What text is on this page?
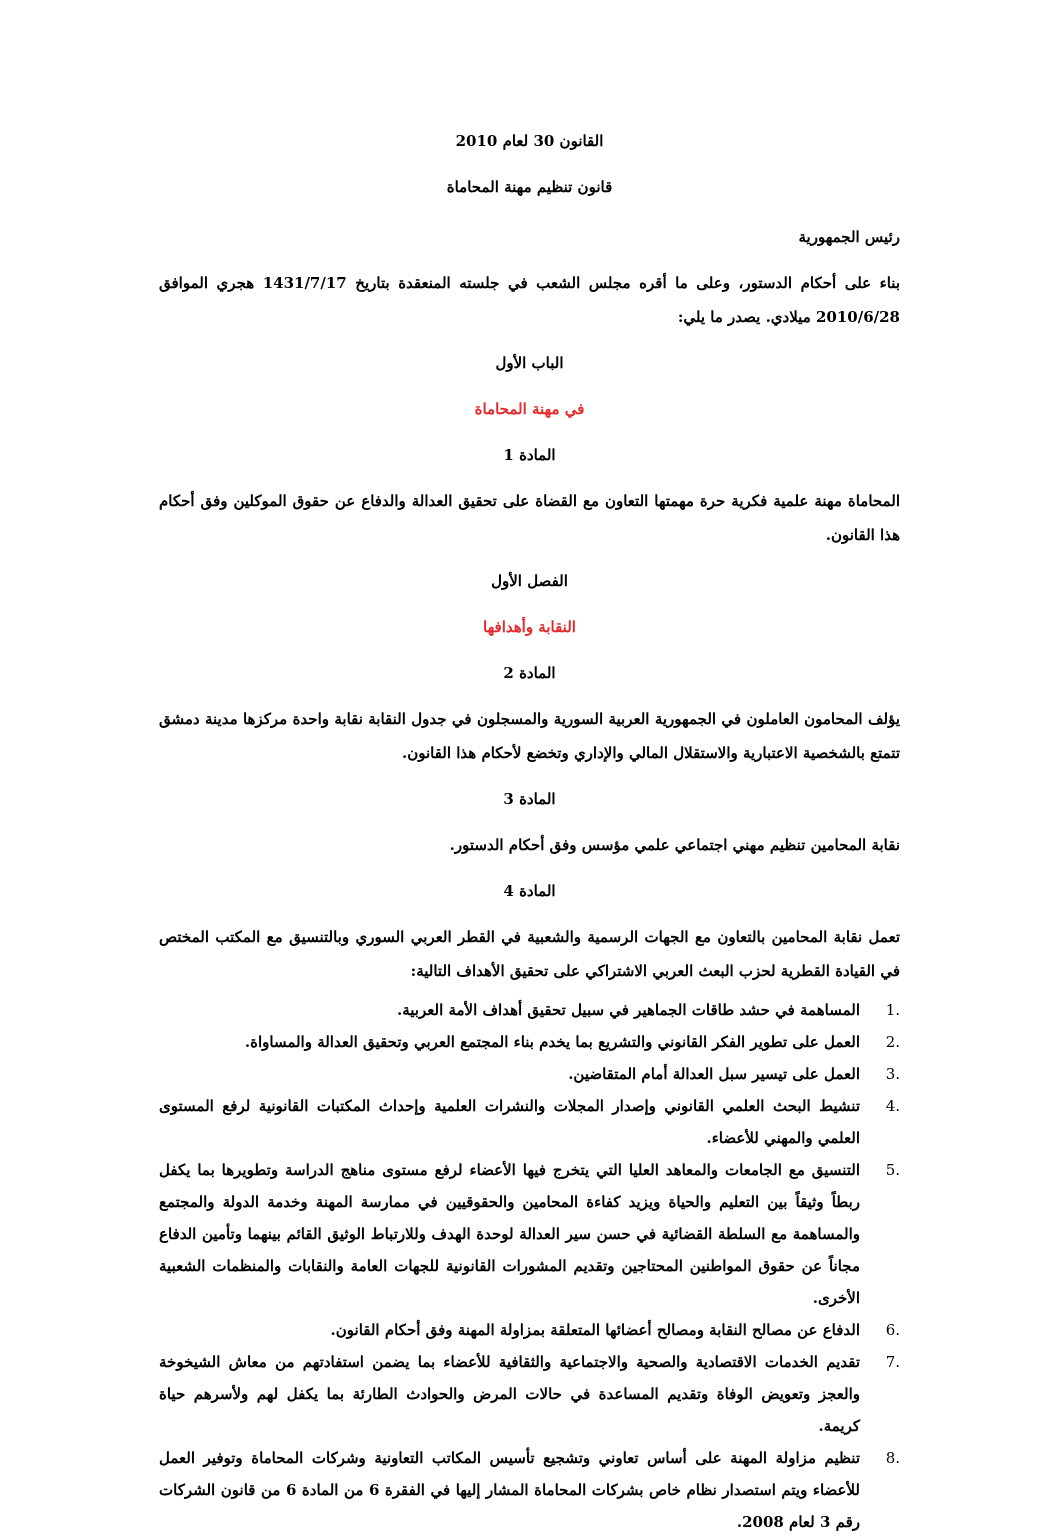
القانون 30 لعام 2010

قانون تنظيم مهنة المحاماة

رئيس الجمهورية

بناء على أحكام الدستور، وعلى ما أقره مجلس الشعب في جلسته المنعقدة بتاريخ 1431/7/17 هجري الموافق 2010/6/28 ميلادي. يصدر ما يلي:

الباب الأول

في مهنة المحاماة

المادة 1

المحاماة مهنة علمية فكرية حرة مهمتها التعاون مع القضاة على تحقيق العدالة والدفاع عن حقوق الموكلين وفق أحكام هذا القانون.

الفصل الأول

النقابة وأهدافها

المادة 2

يؤلف المحامون العاملون في الجمهورية العربية السورية والمسجلون في جدول النقابة نقابة واحدة مركزها مدينة دمشق تتمتع بالشخصية الاعتبارية والاستقلال المالي والإداري وتخضع لأحكام هذا القانون.

المادة 3

نقابة المحامين تنظيم مهني اجتماعي علمي مؤسس وفق أحكام الدستور.

المادة 4

تعمل نقابة المحامين بالتعاون مع الجهات الرسمية والشعبية في القطر العربي السوري وبالتنسيق مع المكتب المختص في القيادة القطرية لحزب البعث العربي الاشتراكي على تحقيق الأهداف التالية:

1.
المساهمة في حشد طاقات الجماهير في سبيل تحقيق أهداف الأمة العربية.
2.
العمل على تطوير الفكر القانوني والتشريع بما يخدم بناء المجتمع العربي وتحقيق العدالة والمساواة.
3.
العمل على تيسير سبل العدالة أمام المتقاضين.
4.
تنشيط البحث العلمي القانوني وإصدار المجلات والنشرات العلمية وإحداث المكتبات القانونية لرفع المستوى العلمي والمهني للأعضاء.
5.
التنسيق مع الجامعات والمعاهد العليا التي يتخرج فيها الأعضاء لرفع مستوى مناهج الدراسة وتطويرها بما يكفل ربطاً وثيقاً بين التعليم والحياة ويزيد كفاءة المحامين والحقوقيين في ممارسة المهنة وخدمة الدولة والمجتمع والمساهمة مع السلطة القضائية في حسن سير العدالة لوحدة الهدف وللارتباط الوثيق القائم بينهما وتأمين الدفاع مجاناً عن حقوق المواطنين المحتاجين وتقديم المشورات القانونية للجهات العامة والنقابات والمنظمات الشعبية الأخرى.
6.
الدفاع عن مصالح النقابة ومصالح أعضائها المتعلقة بمزاولة المهنة وفق أحكام القانون.
7.
تقديم الخدمات الاقتصادية والصحية والاجتماعية والثقافية للأعضاء بما يضمن استفادتهم من معاش الشيخوخة والعجز وتعويض الوفاة وتقديم المساعدة في حالات المرض والحوادث الطارئة بما يكفل لهم ولأسرهم حياة كريمة.
8.
تنظيم مزاولة المهنة على أساس تعاوني وتشجيع تأسيس المكاتب التعاونية وشركات المحاماة وتوفير العمل للأعضاء ويتم استصدار نظام خاص بشركات المحاماة المشار إليها في الفقرة 6 من المادة 6 من قانون الشركات رقم 3 لعام 2008.
